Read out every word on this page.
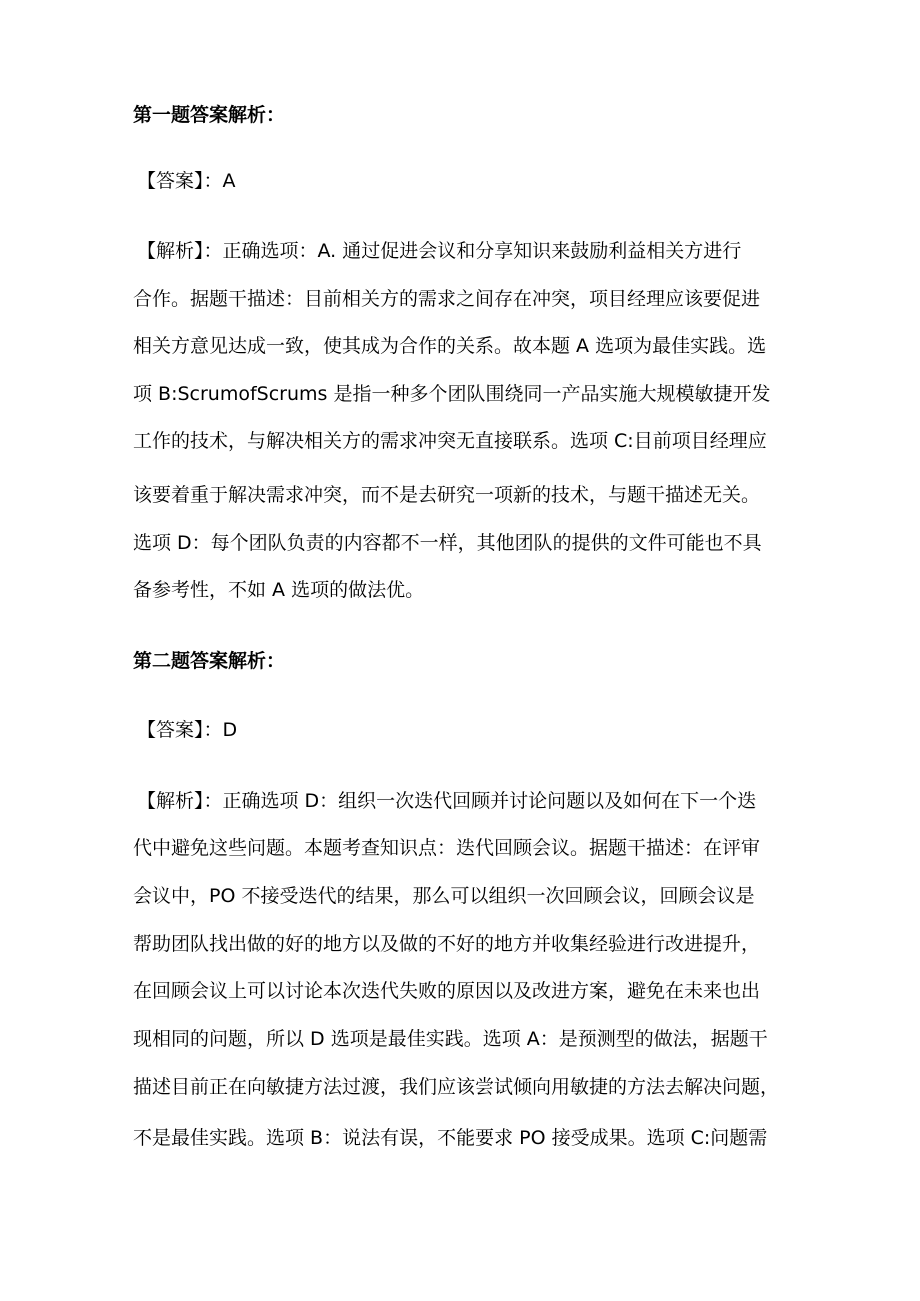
第一题答案解析：
【答案】：A
【解析】：正确选项：A. 通过促进会议和分享知识来鼓励利益相关方进行
合作。据题干描述：目前相关方的需求之间存在冲突，项目经理应该要促进
相关方意见达成一致，使其成为合作的关系。故本题 A 选项为最佳实践。选
项 B:ScrumofScrums 是指一种多个团队围绕同一产品实施大规模敏捷开发
工作的技术，与解决相关方的需求冲突无直接联系。选项 C:目前项目经理应
该要着重于解决需求冲突，而不是去研究一项新的技术，与题干描述无关。
选项 D：每个团队负责的内容都不一样，其他团队的提供的文件可能也不具
备参考性，不如 A 选项的做法优。
第二题答案解析：
【答案】：D
【解析】：正确选项 D：组织一次迭代回顾并讨论问题以及如何在下一个迭
代中避免这些问题。本题考查知识点：迭代回顾会议。据题干描述：在评审
会议中，PO 不接受迭代的结果，那么可以组织一次回顾会议，回顾会议是
帮助团队找出做的好的地方以及做的不好的地方并收集经验进行改进提升，
在回顾会议上可以讨论本次迭代失败的原因以及改进方案，避免在未来也出
现相同的问题，所以 D 选项是最佳实践。选项 A：是预测型的做法，据题干
描述目前正在向敏捷方法过渡，我们应该尝试倾向用敏捷的方法去解决问题，
不是最佳实践。选项 B：说法有误，不能要求 PO 接受成果。选项 C:问题需
